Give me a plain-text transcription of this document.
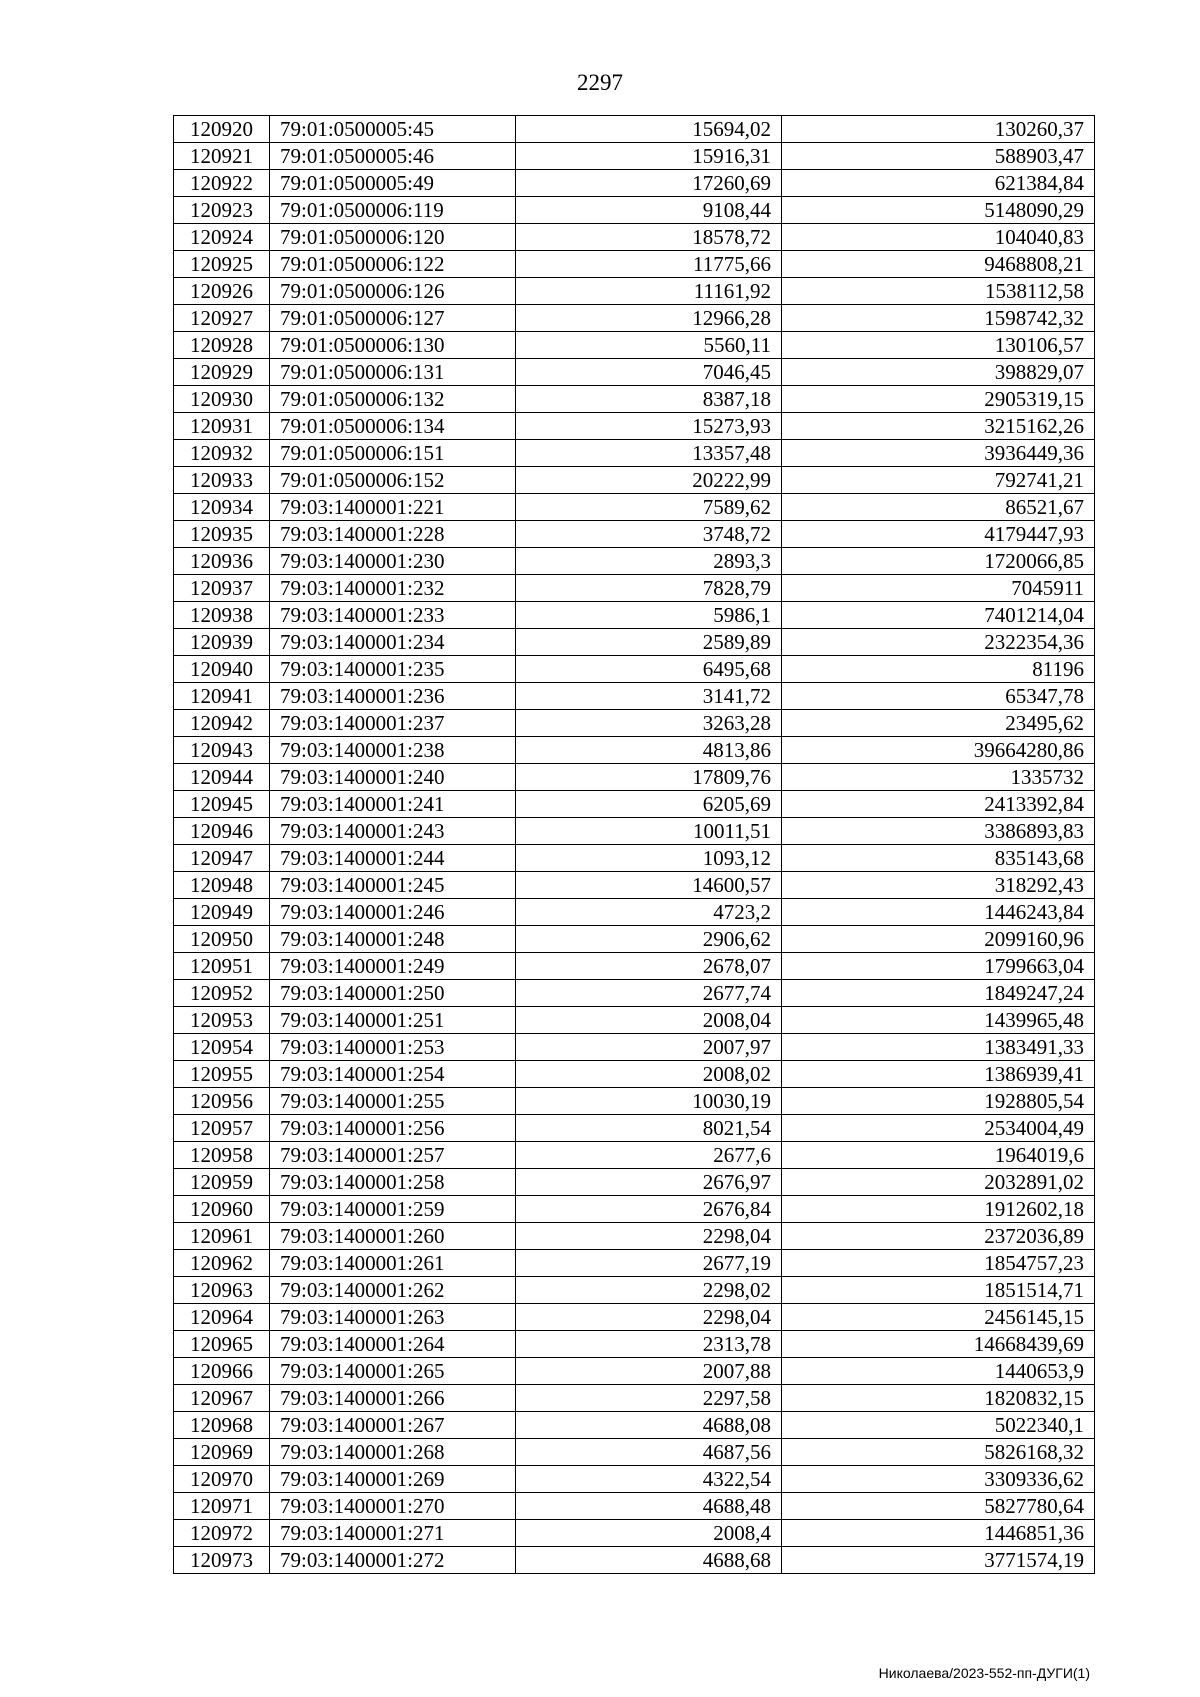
2297
120920	79:01:0500005:45	15694,02	130260,37
120921	79:01:0500005:46	15916,31	588903,47
120922	79:01:0500005:49	17260,69	621384,84
120923	79:01:0500006:119	9108,44	5148090,29
120924	79:01:0500006:120	18578,72	104040,83
120925	79:01:0500006:122	11775,66	9468808,21
120926	79:01:0500006:126	11161,92	1538112,58
120927	79:01:0500006:127	12966,28	1598742,32
120928	79:01:0500006:130	5560,11	130106,57
120929	79:01:0500006:131	7046,45	398829,07
120930	79:01:0500006:132	8387,18	2905319,15
120931	79:01:0500006:134	15273,93	3215162,26
120932	79:01:0500006:151	13357,48	3936449,36
120933	79:01:0500006:152	20222,99	792741,21
120934	79:03:1400001:221	7589,62	86521,67
120935	79:03:1400001:228	3748,72	4179447,93
120936	79:03:1400001:230	2893,3	1720066,85
120937	79:03:1400001:232	7828,79	7045911
120938	79:03:1400001:233	5986,1	7401214,04
120939	79:03:1400001:234	2589,89	2322354,36
120940	79:03:1400001:235	6495,68	81196
120941	79:03:1400001:236	3141,72	65347,78
120942	79:03:1400001:237	3263,28	23495,62
120943	79:03:1400001:238	4813,86	39664280,86
120944	79:03:1400001:240	17809,76	1335732
120945	79:03:1400001:241	6205,69	2413392,84
120946	79:03:1400001:243	10011,51	3386893,83
120947	79:03:1400001:244	1093,12	835143,68
120948	79:03:1400001:245	14600,57	318292,43
120949	79:03:1400001:246	4723,2	1446243,84
120950	79:03:1400001:248	2906,62	2099160,96
120951	79:03:1400001:249	2678,07	1799663,04
120952	79:03:1400001:250	2677,74	1849247,24
120953	79:03:1400001:251	2008,04	1439965,48
120954	79:03:1400001:253	2007,97	1383491,33
120955	79:03:1400001:254	2008,02	1386939,41
120956	79:03:1400001:255	10030,19	1928805,54
120957	79:03:1400001:256	8021,54	2534004,49
120958	79:03:1400001:257	2677,6	1964019,6
120959	79:03:1400001:258	2676,97	2032891,02
120960	79:03:1400001:259	2676,84	1912602,18
120961	79:03:1400001:260	2298,04	2372036,89
120962	79:03:1400001:261	2677,19	1854757,23
120963	79:03:1400001:262	2298,02	1851514,71
120964	79:03:1400001:263	2298,04	2456145,15
120965	79:03:1400001:264	2313,78	14668439,69
120966	79:03:1400001:265	2007,88	1440653,9
120967	79:03:1400001:266	2297,58	1820832,15
120968	79:03:1400001:267	4688,08	5022340,1
120969	79:03:1400001:268	4687,56	5826168,32
120970	79:03:1400001:269	4322,54	3309336,62
120971	79:03:1400001:270	4688,48	5827780,64
120972	79:03:1400001:271	2008,4	1446851,36
120973	79:03:1400001:272	4688,68	3771574,19
Николаева/2023-552-пп-ДУГИ(1)
